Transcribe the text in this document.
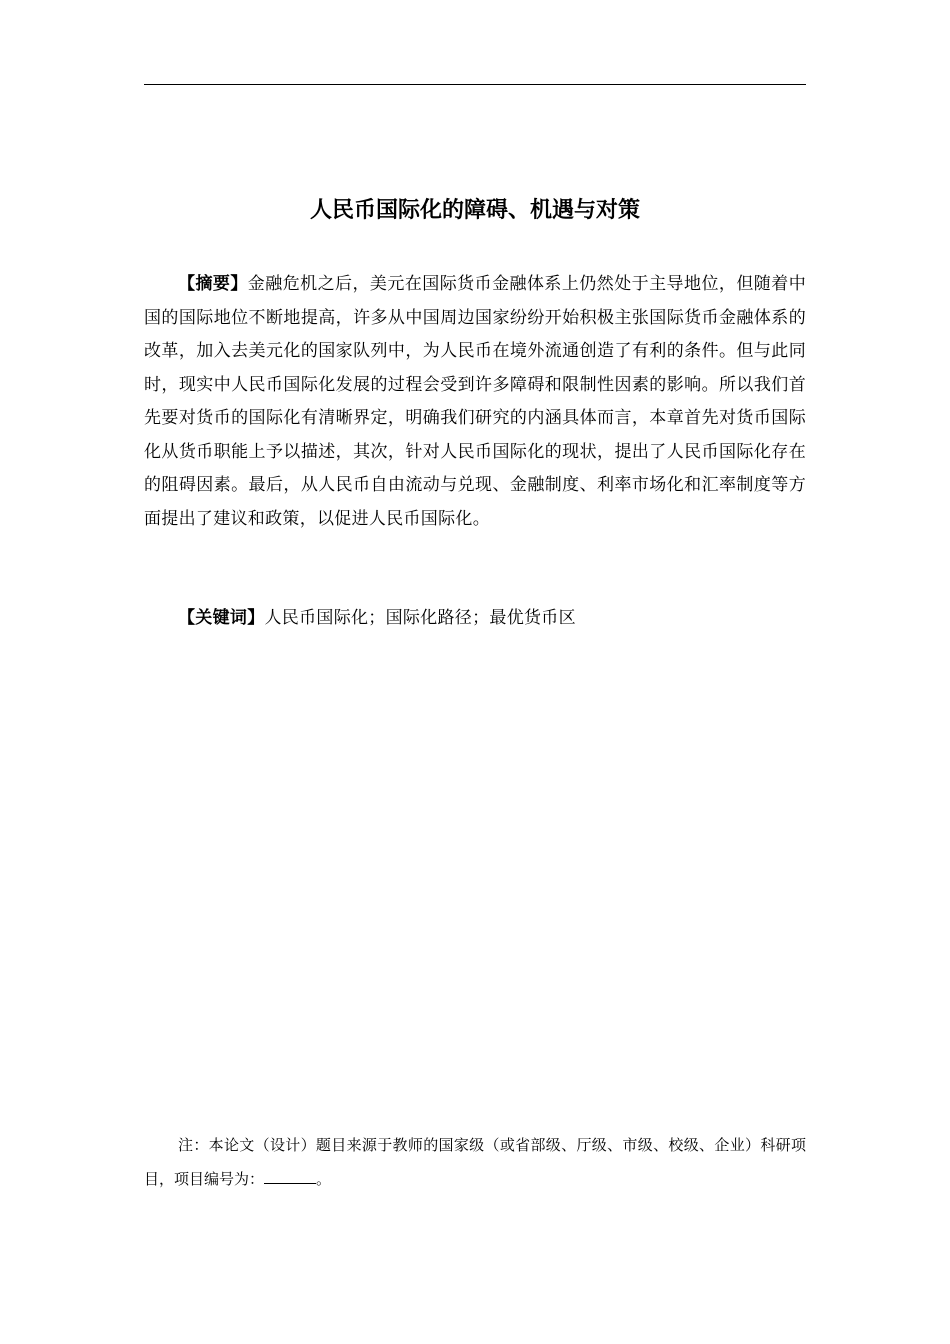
人民币国际化的障碍、机遇与对策

【摘要】金融危机之后，美元在国际货币金融体系上仍然处于主导地位，但随着中国的国际地位不断地提高，许多从中国周边国家纷纷开始积极主张国际货币金融体系的改革，加入去美元化的国家队列中，为人民币在境外流通创造了有利的条件。但与此同时，现实中人民币国际化发展的过程会受到许多障碍和限制性因素的影响。所以我们首先要对货币的国际化有清晰界定，明确我们研究的内涵具体而言，本章首先对货币国际化从货币职能上予以描述，其次，针对人民币国际化的现状，提出了人民币国际化存在的阻碍因素。最后，从人民币自由流动与兑现、金融制度、利率市场化和汇率制度等方面提出了建议和政策，以促进人民币国际化。

【关键词】人民币国际化；国际化路径；最优货币区

注：本论文（设计）题目来源于教师的国家级（或省部级、厅级、市级、校级、企业）科研项目，项目编号为：	。
